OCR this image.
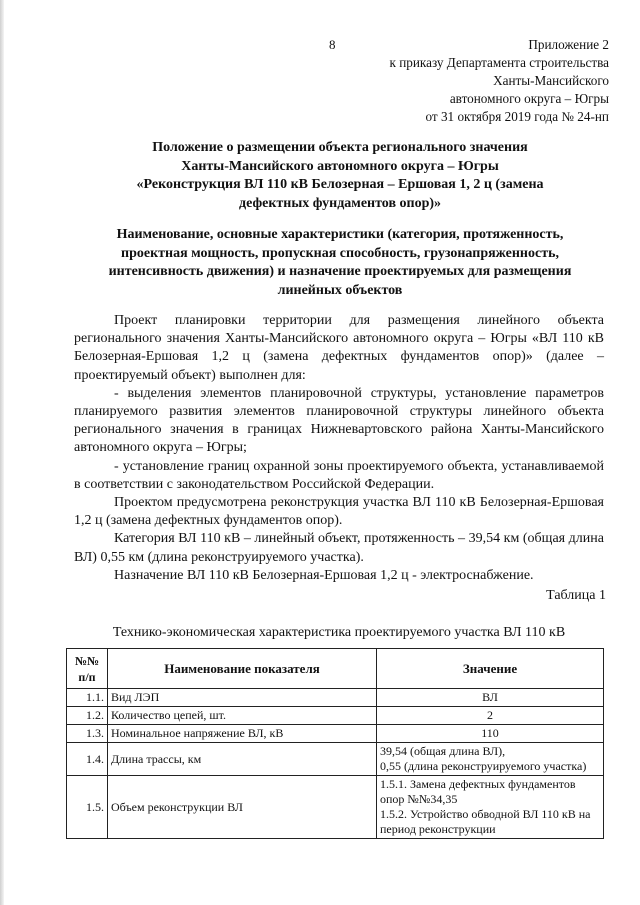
8	Приложение 2
к приказу Департамента строительства
Ханты-Мансийского
автономного округа – Югры
от 31 октября 2019 года № 24-нп
Положение о размещении объекта регионального значения
Ханты-Мансийского автономного округа – Югры
«Реконструкция ВЛ 110 кВ Белозерная – Ершовая 1, 2 ц (замена
дефектных фундаментов опор)»
Наименование, основные характеристики (категория, протяженность,
проектная мощность, пропускная способность, грузонапряженность,
интенсивность движения) и назначение проектируемых для размещения
линейных объектов

Проект планировки территории для размещения линейного объекта регионального значения Ханты-Мансийского автономного округа – Югры «ВЛ 110 кВ Белозерная-Ершовая 1,2 ц (замена дефектных фундаментов опор)» (далее – проектируемый объект) выполнен для:

- выделения элементов планировочной структуры, установление параметров планируемого развития элементов планировочной структуры линейного объекта регионального значения в границах Нижневартовского района Ханты-Мансийского автономного округа – Югры;

- установление границ охранной зоны проектируемого объекта, устанавливаемой в соответствии с законодательством Российской Федерации.

Проектом предусмотрена реконструкция участка ВЛ 110 кВ Белозерная-Ершовая 1,2 ц (замена дефектных фундаментов опор).

Категория ВЛ 110 кВ – линейный объект, протяженность – 39,54 км (общая длина ВЛ) 0,55 км (длина реконструируемого участка).

Назначение ВЛ 110 кВ Белозерная-Ершовая 1,2 ц - электроснабжение.

Таблица 1
Технико-экономическая характеристика проектируемого участка ВЛ 110 кВ
№№
п/п	Наименование показателя	Значение
1.1.	Вид ЛЭП	ВЛ
1.2.	Количество цепей, шт.	2
1.3.	Номинальное напряжение ВЛ, кВ	110
1.4.	Длина трассы, км	39,54 (общая длина ВЛ),
0,55 (длина реконструируемого участка)

1.5.	Объем реконструкции ВЛ	1.5.1. Замена дефектных фундаментов
опор №№34,35
1.5.2. Устройство обводной ВЛ 110 кВ на
период реконструкции
